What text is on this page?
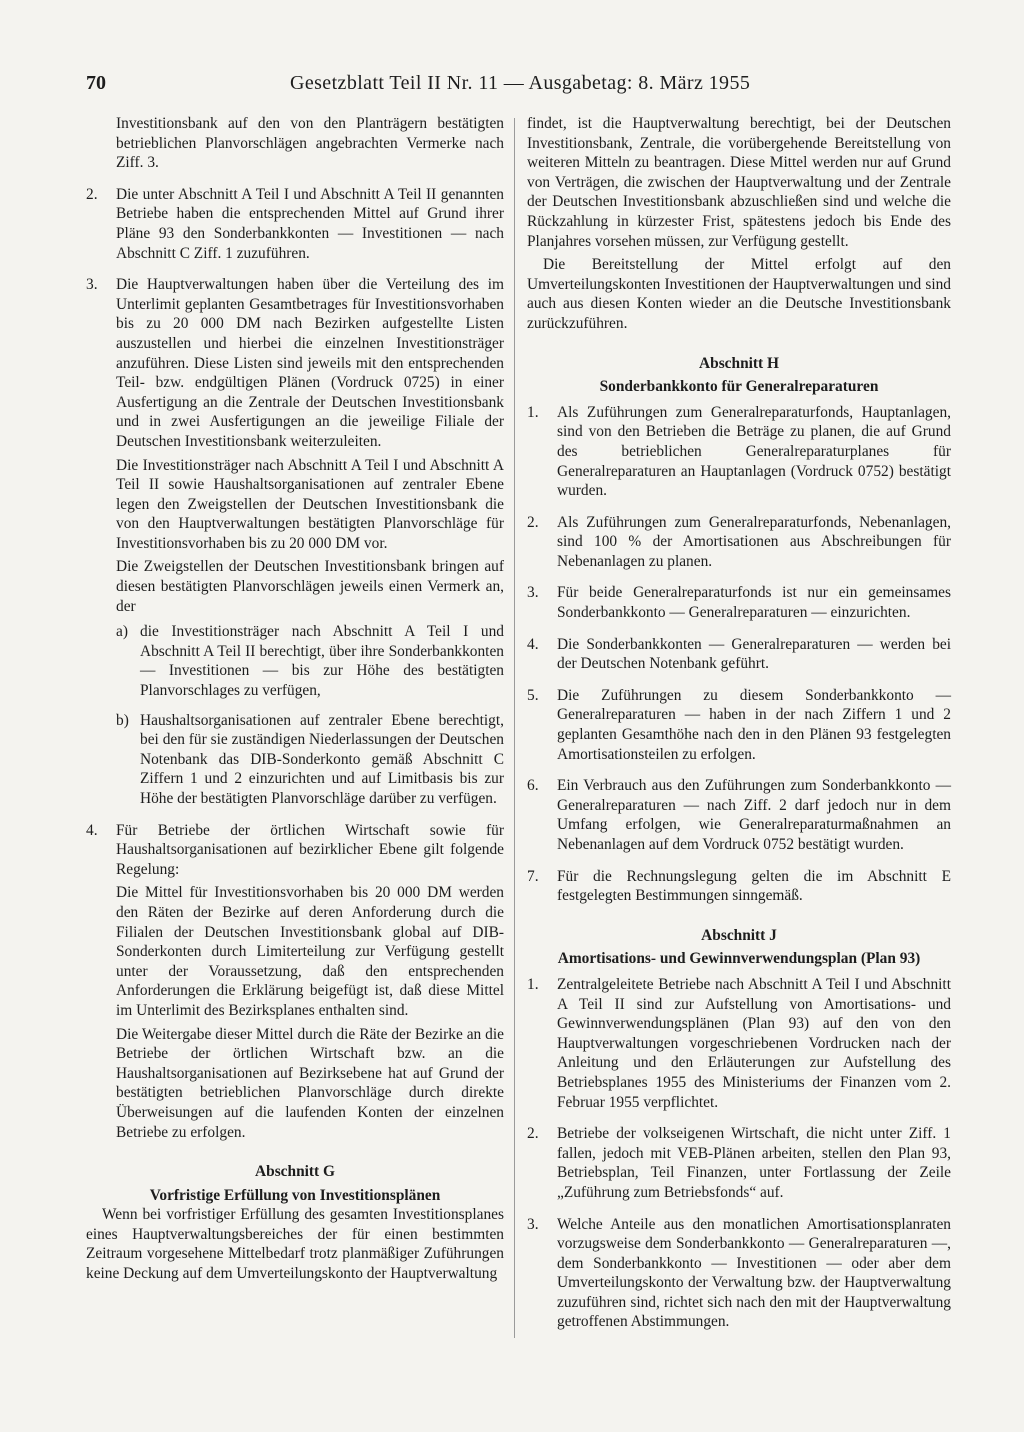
70	Gesetzblatt Teil II Nr. 11 — Ausgabetag: 8. März 1955

Investitionsbank auf den von den Planträgern bestätigten betrieblichen Planvorschlägen angebrachten Vermerke nach Ziff. 3.

2. Die unter Abschnitt A Teil I und Abschnitt A Teil II genannten Betriebe haben die entsprechenden Mittel auf Grund ihrer Pläne 93 den Sonderbankkonten — Investitionen — nach Abschnitt C Ziff. 1 zuzuführen.
3. Die Hauptverwaltungen haben über die Verteilung des im Unterlimit geplanten Gesamtbetrages für Investitionsvorhaben bis zu 20 000 DM nach Bezirken aufgestellte Listen auszustellen und hierbei die einzelnen Investitionsträger anzuführen. Diese Listen sind jeweils mit den entsprechenden Teil- bzw. endgültigen Plänen (Vordruck 0725) in einer Ausfertigung an die Zentrale der Deutschen Investitionsbank und in zwei Ausfertigungen an die jeweilige Filiale der Deutschen Investitionsbank weiterzuleiten.

Die Investitionsträger nach Abschnitt A Teil I und Abschnitt A Teil II sowie Haushaltsorganisationen auf zentraler Ebene legen den Zweigstellen der Deutschen Investitionsbank die von den Hauptverwaltungen bestätigten Planvorschläge für Investitionsvorhaben bis zu 20 000 DM vor.

Die Zweigstellen der Deutschen Investitionsbank bringen auf diesen bestätigten Planvorschlägen jeweils einen Vermerk an, der

a) die Investitionsträger nach Abschnitt A Teil I und Abschnitt A Teil II berechtigt, über ihre Sonderbankkonten — Investitionen — bis zur Höhe des bestätigten Planvorschlages zu verfügen,
b) Haushaltsorganisationen auf zentraler Ebene berechtigt, bei den für sie zuständigen Niederlassungen der Deutschen Notenbank das DIB-Sonderkonto gemäß Abschnitt C Ziffern 1 und 2 einzurichten und auf Limitbasis bis zur Höhe der bestätigten Planvorschläge darüber zu verfügen.
4. Für Betriebe der örtlichen Wirtschaft sowie für Haushaltsorganisationen auf bezirklicher Ebene gilt folgende Regelung:

Die Mittel für Investitionsvorhaben bis 20 000 DM werden den Räten der Bezirke auf deren Anforderung durch die Filialen der Deutschen Investitionsbank global auf DIB-Sonderkonten durch Limiterteilung zur Verfügung gestellt unter der Voraussetzung, daß den entsprechenden Anforderungen die Erklärung beigefügt ist, daß diese Mittel im Unterlimit des Bezirksplanes enthalten sind.

Die Weitergabe dieser Mittel durch die Räte der Bezirke an die Betriebe der örtlichen Wirtschaft bzw. an die Haushaltsorganisationen auf Bezirksebene hat auf Grund der bestätigten betrieblichen Planvorschläge durch direkte Überweisungen auf die laufenden Konten der einzelnen Betriebe zu erfolgen.

Abschnitt G

Vorfristige Erfüllung von Investitionsplänen

Wenn bei vorfristiger Erfüllung des gesamten Investitionsplanes eines Hauptverwaltungsbereiches der für einen bestimmten Zeitraum vorgesehene Mittelbedarf trotz planmäßiger Zuführungen keine Deckung auf dem Umverteilungskonto der Hauptverwaltung

findet, ist die Hauptverwaltung berechtigt, bei der Deutschen Investitionsbank, Zentrale, die vorübergehende Bereitstellung von weiteren Mitteln zu beantragen. Diese Mittel werden nur auf Grund von Verträgen, die zwischen der Hauptverwaltung und der Zentrale der Deutschen Investitionsbank abzuschließen sind und welche die Rückzahlung in kürzester Frist, spätestens jedoch bis Ende des Planjahres vorsehen müssen, zur Verfügung gestellt.

Die Bereitstellung der Mittel erfolgt auf den Umverteilungskonten Investitionen der Hauptverwaltungen und sind auch aus diesen Konten wieder an die Deutsche Investitionsbank zurückzuführen.

Abschnitt H

Sonderbankkonto für Generalreparaturen

1. Als Zuführungen zum Generalreparaturfonds, Hauptanlagen, sind von den Betrieben die Beträge zu planen, die auf Grund des betrieblichen Generalreparaturplanes für Generalreparaturen an Hauptanlagen (Vordruck 0752) bestätigt wurden.
2. Als Zuführungen zum Generalreparaturfonds, Nebenanlagen, sind 100 % der Amortisationen aus Abschreibungen für Nebenanlagen zu planen.
3. Für beide Generalreparaturfonds ist nur ein gemeinsames Sonderbankkonto — Generalreparaturen — einzurichten.
4. Die Sonderbankkonten — Generalreparaturen — werden bei der Deutschen Notenbank geführt.
5. Die Zuführungen zu diesem Sonderbankkonto — Generalreparaturen — haben in der nach Ziffern 1 und 2 geplanten Gesamthöhe nach den in den Plänen 93 festgelegten Amortisationsteilen zu erfolgen.
6. Ein Verbrauch aus den Zuführungen zum Sonderbankkonto — Generalreparaturen — nach Ziff. 2 darf jedoch nur in dem Umfang erfolgen, wie Generalreparaturmaßnahmen an Nebenanlagen auf dem Vordruck 0752 bestätigt wurden.
7. Für die Rechnungslegung gelten die im Abschnitt E festgelegten Bestimmungen sinngemäß.

Abschnitt J

Amortisations- und Gewinnverwendungsplan (Plan 93)

1. Zentralgeleitete Betriebe nach Abschnitt A Teil I und Abschnitt A Teil II sind zur Aufstellung von Amortisations- und Gewinnverwendungsplänen (Plan 93) auf den von den Hauptverwaltungen vorgeschriebenen Vordrucken nach der Anleitung und den Erläuterungen zur Aufstellung des Betriebsplanes 1955 des Ministeriums der Finanzen vom 2. Februar 1955 verpflichtet.
2. Betriebe der volkseigenen Wirtschaft, die nicht unter Ziff. 1 fallen, jedoch mit VEB-Plänen arbeiten, stellen den Plan 93, Betriebsplan, Teil Finanzen, unter Fortlassung der Zeile „Zuführung zum Betriebsfonds“ auf.
3. Welche Anteile aus den monatlichen Amortisationsplanraten vorzugsweise dem Sonderbankkonto — Generalreparaturen —, dem Sonderbankkonto — Investitionen — oder aber dem Umverteilungskonto der Verwaltung bzw. der Hauptverwaltung zuzuführen sind, richtet sich nach den mit der Hauptverwaltung getroffenen Abstimmungen.
